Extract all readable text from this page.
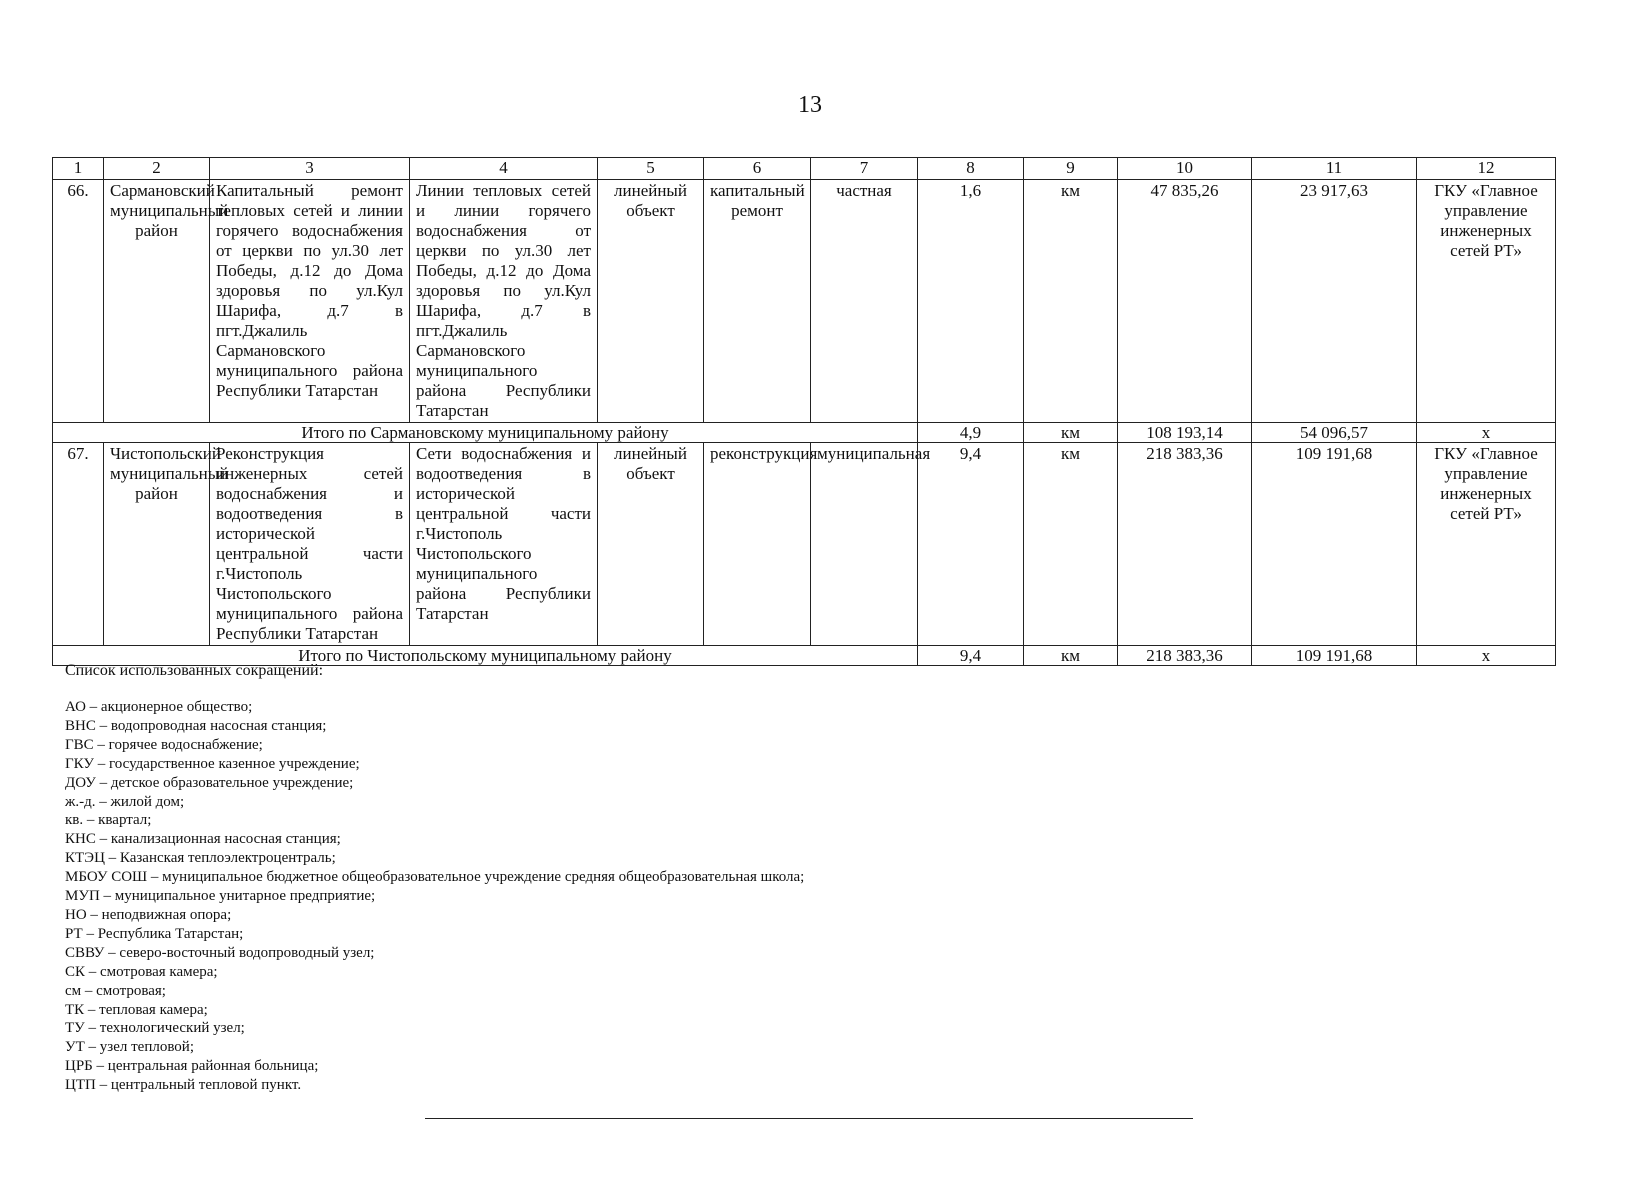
13
1	2	3	4	5	6	7	8	9	10	11	12
66.	Сармановский муниципальный район	Капитальный ремонт тепловых сетей и линии горячего водоснабжения от церкви по ул.30 лет Победы, д.12 до Дома здоровья по ул.Кул Шарифа, д.7 в пгт.Джалиль Сармановского муниципального района Республики Татарстан	Линии тепловых сетей и линии горячего водоснабжения от церкви по ул.30 лет Победы, д.12 до Дома здоровья по ул.Кул Шарифа, д.7 в пгт.Джалиль Сармановского муниципального района Республики Татарстан	линейный объект	капитальный ремонт	частная	1,6	км	47 835,26	23 917,63	ГКУ «Главное управление инженерных сетей РТ»
Итого по Сармановскому муниципальному району							4,9	км	108 193,14	54 096,57	х
67.	Чистопольский муниципальный район	Реконструкция инженерных сетей водоснабжения и водоотведения в исторической центральной части г.Чистополь Чистопольского муниципального района Республики Татарстан	Сети водоснабжения и водоотведения в исторической центральной части г.Чистополь Чистопольского муниципального района Республики Татарстан	линейный объект	реконструкция	муниципальная	9,4	км	218 383,36	109 191,68	ГКУ «Главное управление инженерных сетей РТ»
Итого по Чистопольскому муниципальному району							9,4	км	218 383,36	109 191,68	х
Список использованных сокращений:
АО – акционерное общество;
ВНС – водопроводная насосная станция;
ГВС – горячее водоснабжение;
ГКУ – государственное казенное учреждение;
ДОУ – детское образовательное учреждение;
ж.-д. – жилой дом;
кв. – квартал;
КНС – канализационная насосная станция;
КТЭЦ – Казанская теплоэлектроцентраль;
МБОУ СОШ – муниципальное бюджетное общеобразовательное учреждение средняя общеобразовательная школа;
МУП – муниципальное унитарное предприятие;
НО – неподвижная опора;
РТ – Республика Татарстан;
СВВУ – северо-восточный водопроводный узел;
СК – смотровая камера;
см – смотровая;
ТК – тепловая камера;
ТУ – технологический узел;
УТ – узел тепловой;
ЦРБ – центральная районная больница;
ЦТП – центральный тепловой пункт.
